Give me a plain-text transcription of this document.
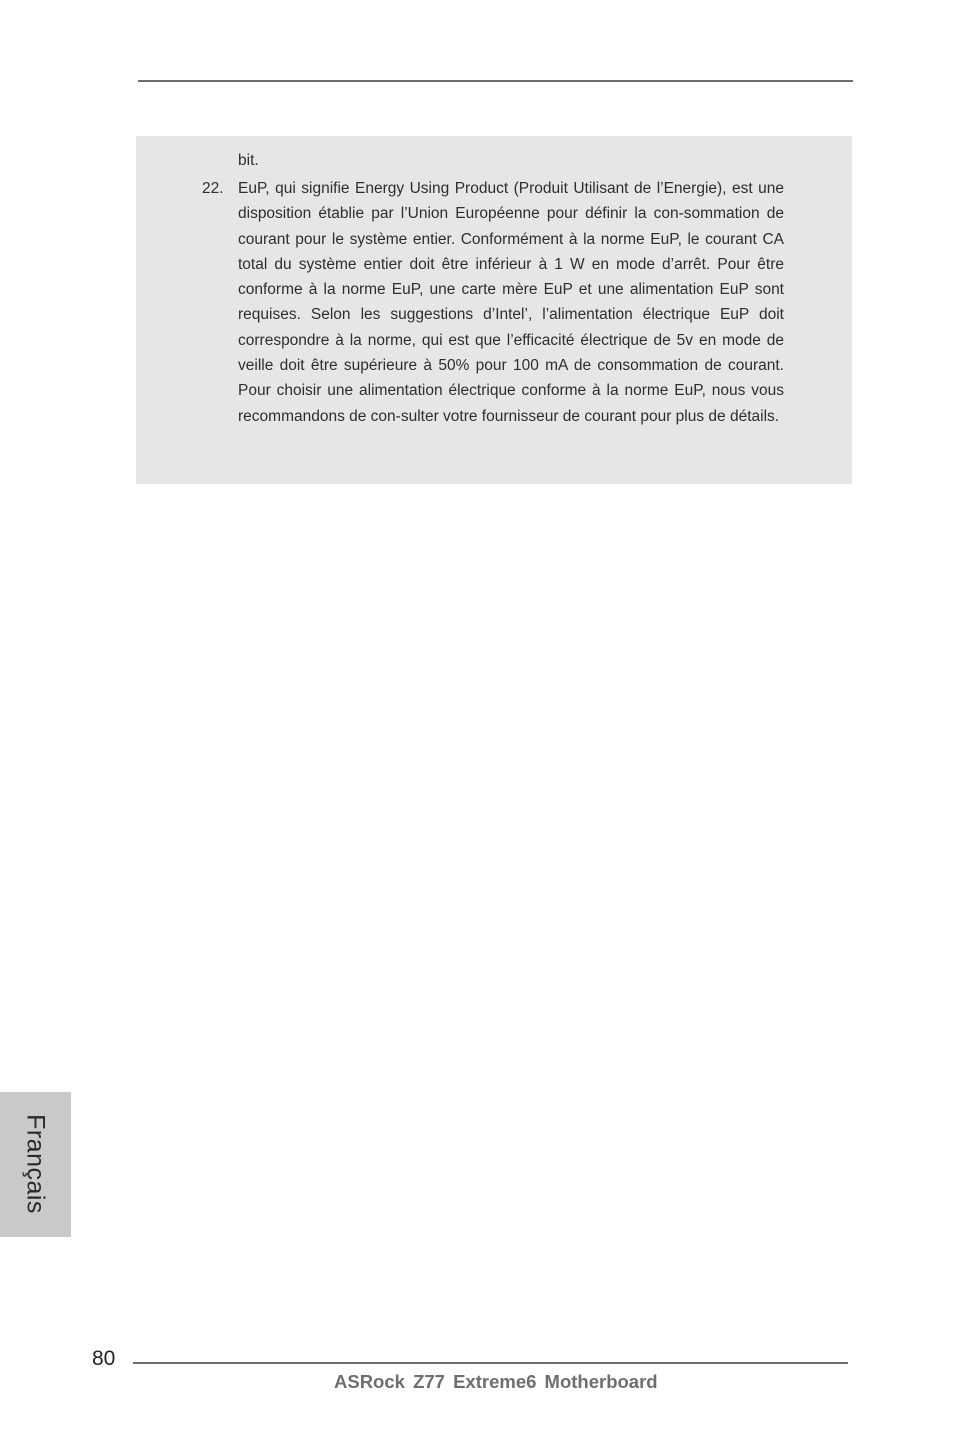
bit.
22. EuP, qui signifie Energy Using Product (Produit Utilisant de l’Energie), est une disposition établie par l’Union Européenne pour définir la con-sommation de courant pour le système entier. Conformément à la norme EuP, le courant CA total du système entier doit être inférieur à 1 W en mode d’arrêt. Pour être conforme à la norme EuP, une carte mère EuP et une alimentation EuP sont requises. Selon les suggestions d’Intel’, l’alimentation électrique EuP doit correspondre à la norme, qui est que l’efficacité électrique de 5v en mode de veille doit être supérieure à 50% pour 100 mA de consommation de courant. Pour choisir une alimentation électrique conforme à la norme EuP, nous vous recommandons de con-sulter votre fournisseur de courant pour plus de détails.
Français
80
ASRock Z77 Extreme6 Motherboard
